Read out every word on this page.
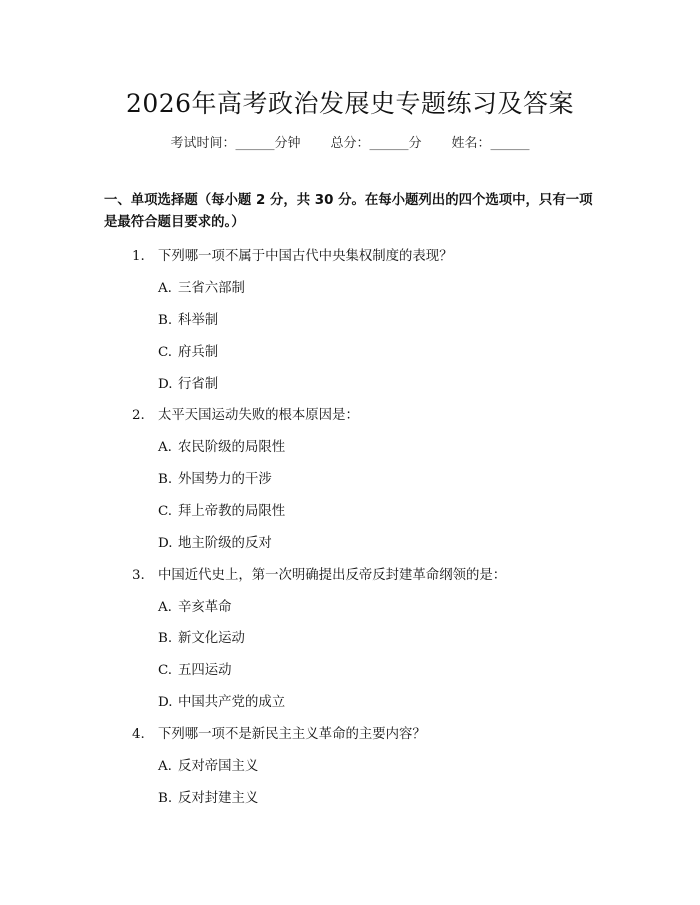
2026年高考政治发展史专题练习及答案
考试时间：______分钟 总分：______分 姓名：______
一、单项选择题（每小题 2 分，共 30 分。在每小题列出的四个选项中，只有一项
是最符合题目要求的。）
1. 下列哪一项不属于中国古代中央集权制度的表现？
A. 三省六部制
B. 科举制
C. 府兵制
D. 行省制
2. 太平天国运动失败的根本原因是：
A. 农民阶级的局限性
B. 外国势力的干涉
C. 拜上帝教的局限性
D. 地主阶级的反对
3. 中国近代史上，第一次明确提出反帝反封建革命纲领的是：
A. 辛亥革命
B. 新文化运动
C. 五四运动
D. 中国共产党的成立
4. 下列哪一项不是新民主主义革命的主要内容？
A. 反对帝国主义
B. 反对封建主义
